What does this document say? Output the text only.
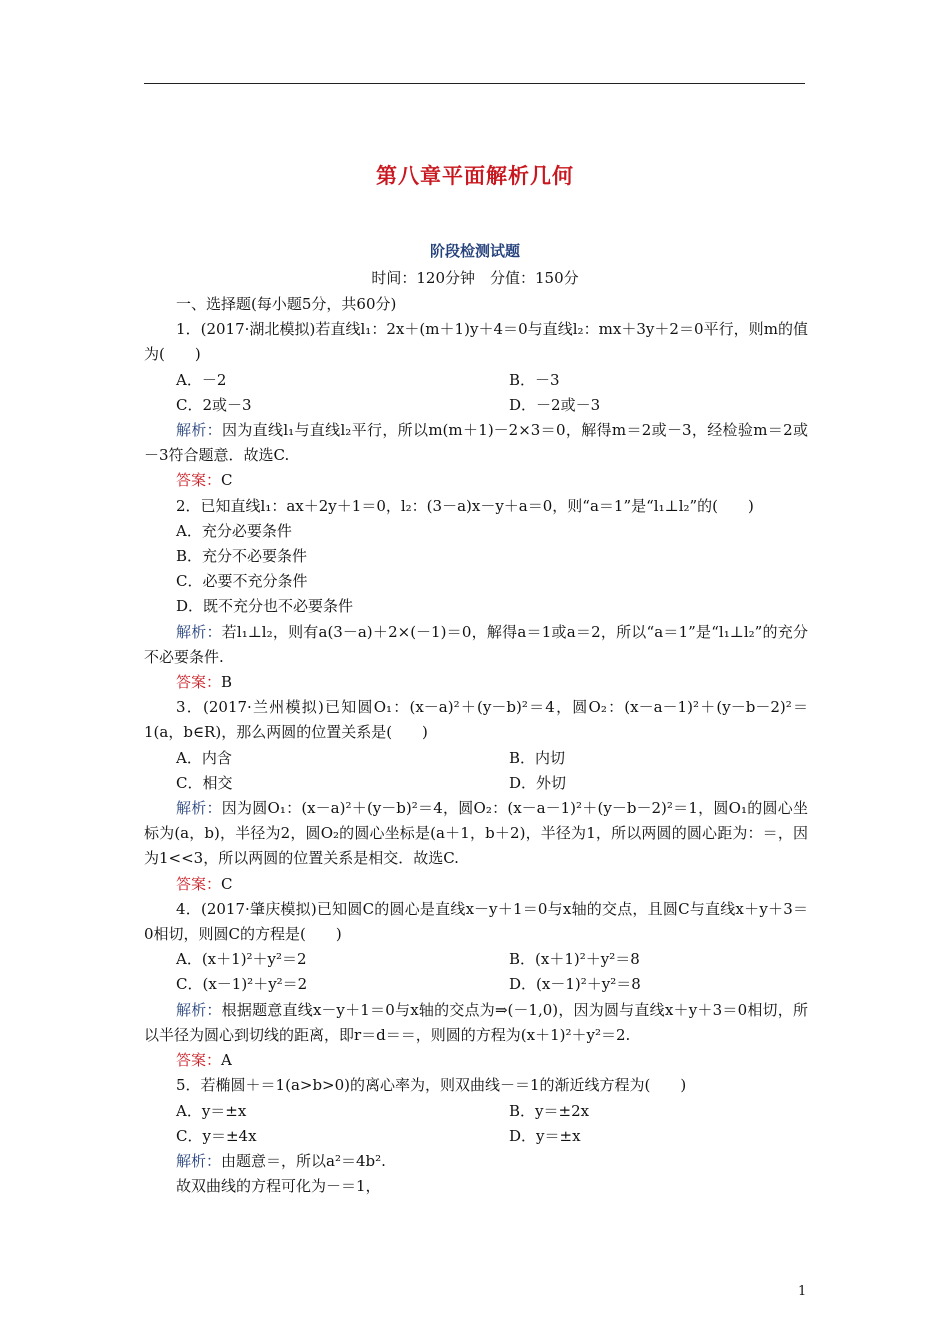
第八章平面解析几何
阶段检测试题
时间：120分钟　分值：150分

一、选择题(每小题5分，共60分)

1．(2017·湖北模拟)若直线l₁：2x＋(m＋1)y＋4＝0与直线l₂：mx＋3y＋2＝0平行，则m的值为(　　)

A．－2	B．－3
C．2或－3	D．－2或－3

解析：因为直线l₁与直线l₂平行，所以m(m＋1)－2×3＝0，解得m＝2或－3，经检验m＝2或－3符合题意．故选C.

答案：C

2．已知直线l₁：ax＋2y＋1＝0，l₂：(3－a)x－y＋a＝0，则“a＝1”是“l₁⊥l₂”的(　　)

A．充分必要条件

B．充分不必要条件

C．必要不充分条件

D．既不充分也不必要条件

解析：若l₁⊥l₂，则有a(3－a)＋2×(－1)＝0，解得a＝1或a＝2，所以“a＝1”是“l₁⊥l₂”的充分不必要条件.

答案：B

3．(2017·兰州模拟)已知圆O₁：(x－a)²＋(y－b)²＝4，圆O₂：(x－a－1)²＋(y－b－2)²＝1(a，b∈R)，那么两圆的位置关系是(　　)

A．内含	B．内切
C．相交	D．外切

解析：因为圆O₁：(x－a)²＋(y－b)²＝4，圆O₂：(x－a－1)²＋(y－b－2)²＝1，圆O₁的圆心坐标为(a，b)，半径为2，圆O₂的圆心坐标是(a＋1，b＋2)，半径为1，所以两圆的圆心距为：＝，因为1<<3，所以两圆的位置关系是相交．故选C.

答案：C

4．(2017·肇庆模拟)已知圆C的圆心是直线x－y＋1＝0与x轴的交点，且圆C与直线x＋y＋3＝0相切，则圆C的方程是(　　)

A．(x＋1)²＋y²＝2	B．(x＋1)²＋y²＝8
C．(x－1)²＋y²＝2	D．(x－1)²＋y²＝8

解析：根据题意直线x－y＋1＝0与x轴的交点为⇒(－1,0)，因为圆与直线x＋y＋3＝0相切，所以半径为圆心到切线的距离，即r＝d＝＝，则圆的方程为(x＋1)²＋y²＝2.

答案：A

5．若椭圆＋＝1(a>b>0)的离心率为，则双曲线－＝1的渐近线方程为(　　)

A．y＝±x	B．y＝±2x
C．y＝±4x	D．y＝±x

解析：由题意＝，所以a²＝4b².

故双曲线的方程可化为－＝1，

1
